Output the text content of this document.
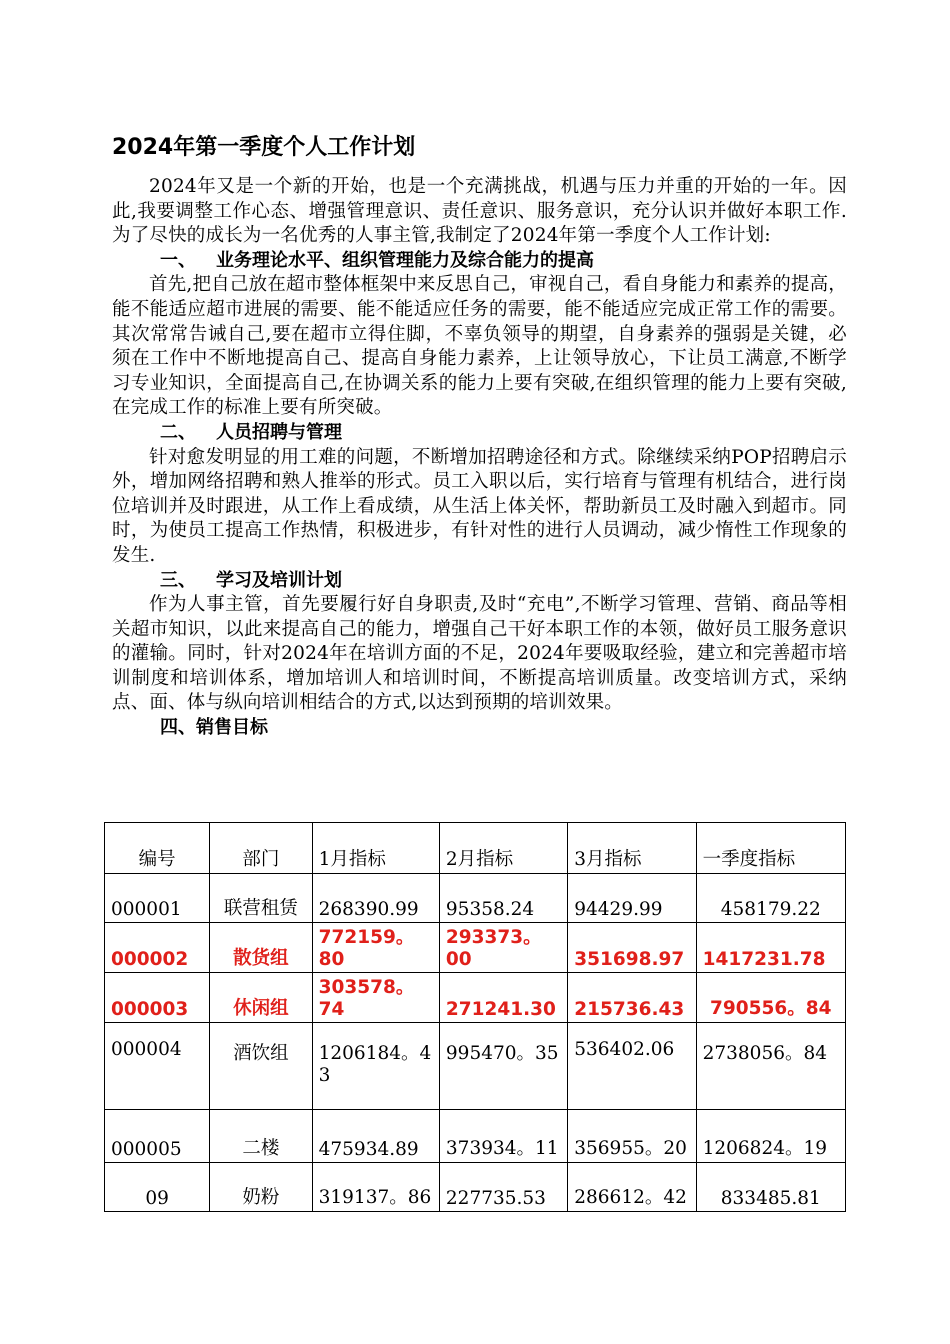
2024年第一季度个人工作计划

2024年又是一个新的开始，也是一个充满挑战，机遇与压力并重的开始的一年。因此,我要调整工作心态、增强管理意识、责任意识、服务意识，充分认识并做好本职工作.为了尽快的成长为一名优秀的人事主管,我制定了2024年第一季度个人工作计划:

一、 业务理论水平、组织管理能力及综合能力的提高

首先,把自己放在超市整体框架中来反思自己，审视自己，看自身能力和素养的提高，能不能适应超市进展的需要、能不能适应任务的需要，能不能适应完成正常工作的需要。其次常常告诫自己,要在超市立得住脚，不辜负领导的期望，自身素养的强弱是关键，必须在工作中不断地提高自己、提高自身能力素养，上让领导放心，下让员工满意,不断学习专业知识，全面提高自己,在协调关系的能力上要有突破,在组织管理的能力上要有突破,在完成工作的标准上要有所突破。

二、 人员招聘与管理

针对愈发明显的用工难的问题，不断增加招聘途径和方式。除继续采纳POP招聘启示外，增加网络招聘和熟人推举的形式。员工入职以后，实行培育与管理有机结合，进行岗位培训并及时跟进，从工作上看成绩，从生活上体关怀，帮助新员工及时融入到超市。同时，为使员工提高工作热情，积极进步，有针对性的进行人员调动，减少惰性工作现象的发生.

三、 学习及培训计划

作为人事主管，首先要履行好自身职责,及时“充电”,不断学习管理、营销、商品等相关超市知识，以此来提高自己的能力，增强自己干好本职工作的本领，做好员工服务意识的灌输。同时，针对2024年在培训方面的不足，2024年要吸取经验，建立和完善超市培训制度和培训体系，增加培训人和培训时间，不断提高培训质量。改变培训方式，采纳点、面、体与纵向培训相结合的方式,以达到预期的培训效果。

四、销售目标
编号	部门	1月指标	2月指标	3月指标	一季度指标
000001	联营租赁	268390.99	95358.24	94429.99	458179.22
000002	散货组	772159。80	293373。00	351698.97	1417231.78
000003	休闲组	303578。74	271241.30	215736.43	790556。84
000004	酒饮组	1206184。43	995470。35	536402.06	2738056。84
000005	二楼	475934.89	373934。11	356955。20	1206824。19
09	奶粉	319137。86	227735.53	286612。42	833485.81
